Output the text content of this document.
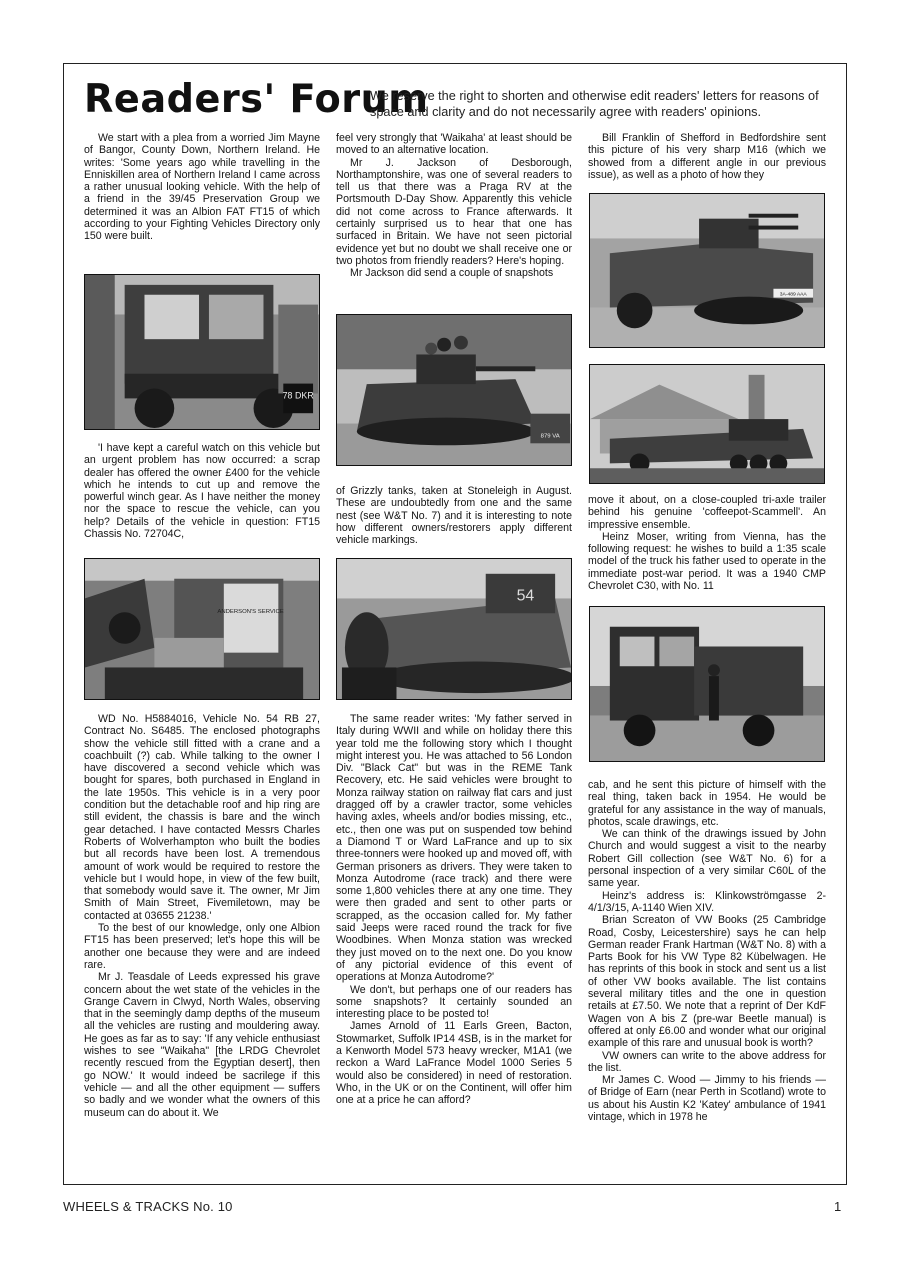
Readers' Forum
We reserve the right to shorten and otherwise edit readers' letters for reasons of space and clarity and do not necessarily agree with readers' opinions.

We start with a plea from a worried Jim Mayne of Bangor, County Down, Northern Ireland. He writes: 'Some years ago while travelling in the Enniskillen area of Northern Ireland I came across a rather unusual looking vehicle. With the help of a friend in the 39/45 Preservation Group we determined it was an Albion FAT FT15 of which according to your Fighting Vehicles Directory only 150 were built.

78 DKR

'I have kept a careful watch on this vehicle but an urgent problem has now occurred: a scrap dealer has offered the owner £400 for the vehicle which he intends to cut up and remove the powerful winch gear. As I have neither the money nor the space to rescue the vehicle, can you help? Details of the vehicle in question: FT15 Chassis No. 72704C,

ANDERSON'S SERVICE

WD No. H5884016, Vehicle No. 54 RB 27, Contract No. S6485. The enclosed photographs show the vehicle still fitted with a crane and a coachbuilt (?) cab. While talking to the owner I have discovered a second vehicle which was bought for spares, both purchased in England in the late 1950s. This vehicle is in a very poor condition but the detachable roof and hip ring are still evident, the chassis is bare and the winch gear detached. I have contacted Messrs Charles Roberts of Wolverhampton who built the bodies but all records have been lost. A tremendous amount of work would be required to restore the vehicle but I would hope, in view of the few built, that somebody would save it. The owner, Mr Jim Smith of Main Street, Fivemiletown, may be contacted at 03655 21238.'

To the best of our knowledge, only one Albion FT15 has been preserved; let's hope this will be another one because they were and are indeed rare.

Mr J. Teasdale of Leeds expressed his grave concern about the wet state of the vehicles in the Grange Cavern in Clwyd, North Wales, observing that in the seemingly damp depths of the museum all the vehicles are rusting and mouldering away. He goes as far as to say: 'If any vehicle enthusiast wishes to see "Waikaha" [the LRDG Chevrolet recently rescued from the Egyptian desert], then go NOW.' It would indeed be sacrilege if this vehicle — and all the other equipment — suffers so badly and we wonder what the owners of this museum can do about it. We

feel very strongly that 'Waikaha' at least should be moved to an alternative location.

Mr J. Jackson of Desborough, Northamptonshire, was one of several readers to tell us that there was a Praga RV at the Portsmouth D-Day Show. Apparently this vehicle did not come across to France afterwards. It certainly surprised us to hear that one has surfaced in Britain. We have not seen pictorial evidence yet but no doubt we shall receive one or two photos from friendly readers? Here's hoping.

Mr Jackson did send a couple of snapshots

879 VA

of Grizzly tanks, taken at Stoneleigh in August. These are undoubtedly from one and the same nest (see W&T No. 7) and it is interesting to note how different owners/restorers apply different vehicle markings.

54

The same reader writes: 'My father served in Italy during WWII and while on holiday there this year told me the following story which I thought might interest you. He was attached to 56 London Div. "Black Cat" but was in the REME Tank Recovery, etc. He said vehicles were brought to Monza railway station on railway flat cars and just dragged off by a crawler tractor, some vehicles having axles, wheels and/or bodies missing, etc., etc., then one was put on suspended tow behind a Diamond T or Ward LaFrance and up to six three-tonners were hooked up and moved off, with German prisoners as drivers. They were taken to Monza Autodrome (race track) and there were some 1,800 vehicles there at any one time. They were then graded and sent to other parts or scrapped, as the occasion called for. My father said Jeeps were raced round the track for five Woodbines. When Monza station was wrecked they just moved on to the next one. Do you know of any pictorial evidence of this event of operations at Monza Autodrome?'

We don't, but perhaps one of our readers has some snapshots? It certainly sounded an interesting place to be posted to!

James Arnold of 11 Earls Green, Bacton, Stowmarket, Suffolk IP14 4SB, is in the market for a Kenworth Model 573 heavy wrecker, M1A1 (we reckon a Ward LaFrance Model 1000 Series 5 would also be considered) in need of restoration. Who, in the UK or on the Continent, will offer him one at a price he can afford?

Bill Franklin of Shefford in Bedfordshire sent this picture of his very sharp M16 (which we showed from a different angle in our previous issue), as well as a photo of how they

3A-489 AAA

move it about, on a close-coupled tri-axle trailer behind his genuine 'coffeepot-Scammell'. An impressive ensemble.

Heinz Moser, writing from Vienna, has the following request: he wishes to build a 1:35 scale model of the truck his father used to operate in the immediate post-war period. It was a 1940 CMP Chevrolet C30, with No. 11

cab, and he sent this picture of himself with the real thing, taken back in 1954. He would be grateful for any assistance in the way of manuals, photos, scale drawings, etc.

We can think of the drawings issued by John Church and would suggest a visit to the nearby Robert Gill collection (see W&T No. 6) for a personal inspection of a very similar C60L of the same year.

Heinz's address is: Klinkowströmgasse 2-4/1/3/15, A-1140 Wien XIV.

Brian Screaton of VW Books (25 Cambridge Road, Cosby, Leicestershire) says he can help German reader Frank Hartman (W&T No. 8) with a Parts Book for his VW Type 82 Kübelwagen. He has reprints of this book in stock and sent us a list of other VW books available. The list contains several military titles and the one in question retails at £7.50. We note that a reprint of Der KdF Wagen von A bis Z (pre-war Beetle manual) is offered at only £6.00 and wonder what our original example of this rare and unusual book is worth?

VW owners can write to the above address for the list.

Mr James C. Wood — Jimmy to his friends — of Bridge of Earn (near Perth in Scotland) wrote to us about his Austin K2 'Katey' ambulance of 1941 vintage, which in 1978 he

WHEELS & TRACKS No. 10	1
